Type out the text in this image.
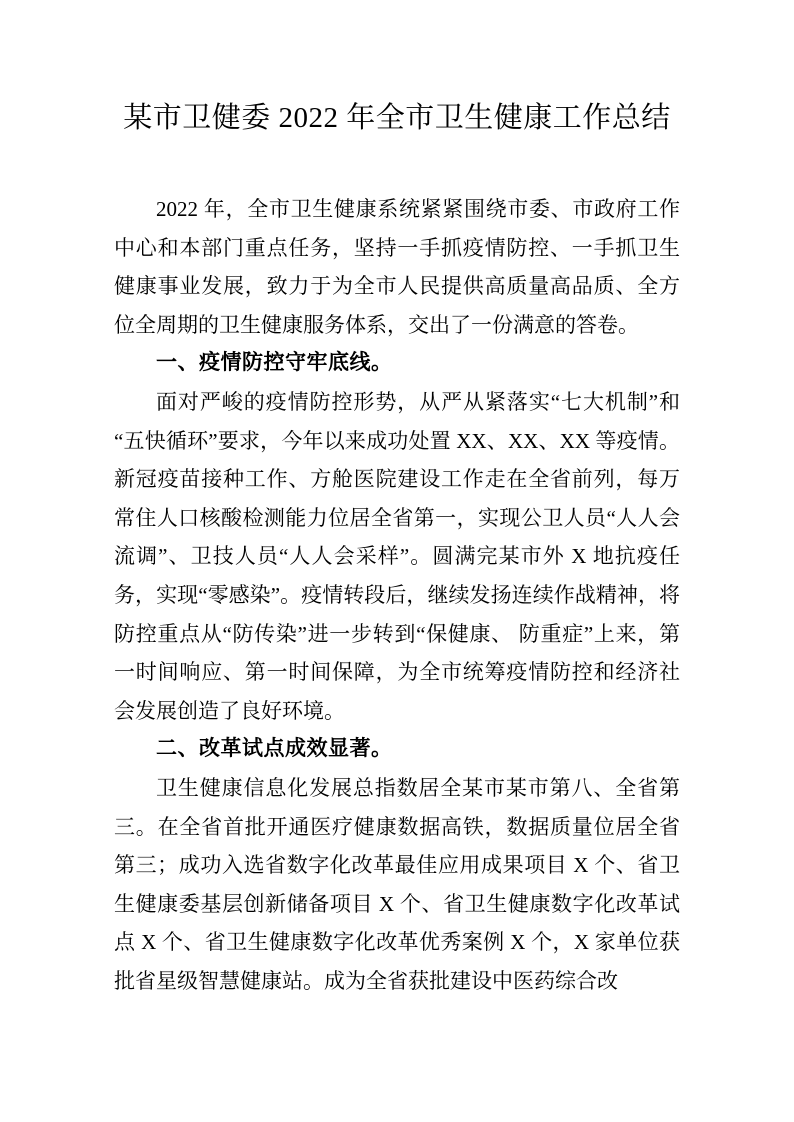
某市卫健委 2022 年全市卫生健康工作总结

2022 年，全市卫生健康系统紧紧围绕市委、市政府工作中心和本部门重点任务，坚持一手抓疫情防控、一手抓卫生健康事业发展，致力于为全市人民提供高质量高品质、全方位全周期的卫生健康服务体系，交出了一份满意的答卷。

一、疫情防控守牢底线。

面对严峻的疫情防控形势，从严从紧落实“七大机制”和“五快循环”要求，今年以来成功处置 XX、XX、XX 等疫情。新冠疫苗接种工作、方舱医院建设工作走在全省前列，每万常住人口核酸检测能力位居全省第一，实现公卫人员“人人会流调”、卫技人员“人人会采样”。圆满完某市外 X 地抗疫任务，实现“零感染”。疫情转段后，继续发扬连续作战精神，将防控重点从“防传染”进一步转到“保健康、 防重症”上来，第一时间响应、第一时间保障，为全市统筹疫情防控和经济社会发展创造了良好环境。

二、改革试点成效显著。

卫生健康信息化发展总指数居全某市某市第八、全省第三。在全省首批开通医疗健康数据高铁，数据质量位居全省第三；成功入选省数字化改革最佳应用成果项目 X 个、省卫生健康委基层创新储备项目 X 个、省卫生健康数字化改革试点 X 个、省卫生健康数字化改革优秀案例 X 个，X 家单位获批省星级智慧健康站。成为全省获批建设中医药综合改
